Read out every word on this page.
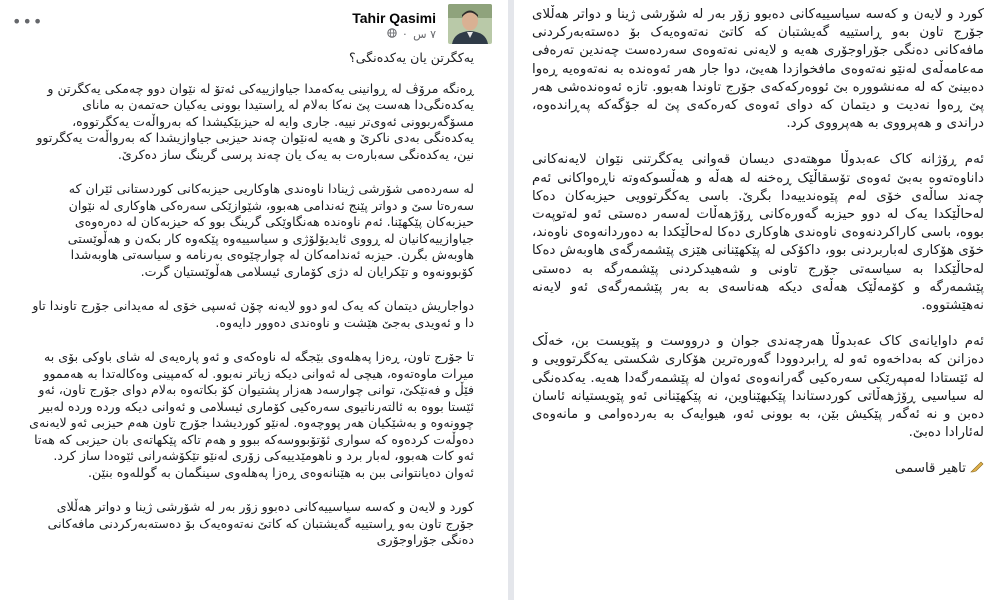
•••	Tahir Qasimi
٧ س ·

یەکگرتن یان یەکدەنگی؟

ڕەنگە مرۆڤ لە ڕوانینی یەکەمدا جیاوازییەکی ئەتۆ لە نێوان دوو چەمکی یەکگرتن و یەکدەنگی‌دا هەست پێ نەکا بەلام لە ڕاستیدا بوونی یەکیان حەتمەن بە مانای مسۆگەربوونی ئەوی‌تر نییە. جاری وایە لە حیزبێکیشدا کە بەرواڵەت یەکگرتووە، یەکدەنگی بەدی ناکرێ و هەیە لەنێوان چەند حیزبی جیاوازیشدا کە بەرواڵەت یەکگرتوو نین، یەکدەنگی سەبارەت بە یەک یان چەند پرسی گرینگ ساز دەکرێ.

لە سەردەمی شۆرشی ژینادا ناوەندی هاوکاریی حیزبەکانی کوردستانی ئێران کە سەرەتا سێ و دواتر پێنج ئەندامی هەبوو، شێوازێکی سەرەکی هاوکاری لە نێوان حیزبەکان پێکهێنا. ئەم ناوەندە هەنگاوێکی گرینگ بوو کە حیزبەکان لە دەرەوەی جیاوازییەکانیان لە ڕووی ئایدیۆلۆژی و سیاسییەوە پێکەوە کار بکەن و هەڵوێستی هاوبەش بگرن. حیزبە ئەندامەکان لە چوارچێوەی بەرنامە و سیاسەتی هاوبەشدا کۆبوونەوە و تێکرایان لە دژی کۆماری ئیسلامی هەڵوێستیان گرت.

دواجاریش دیتمان کە یەک لەو دوو لایەنە چۆن ئەسپی خۆی لە مەیدانی جۆرج تاوندا تاو دا و ئەویدی بەجێ هێشت و ناوەندی دەوور دایەوە.

تا جۆرج تاون، ڕەزا پەهلەوی بێجگە لە ناوەکەی و ئەو پارەیەی لە شای باوکی بۆی بە میرات ماوەتەوە، هیچی لە ئەوانی دیکە زیاتر نەبوو. لە کەمپینی وەکالەتدا بە هەمموو فێڵ و فەنێکێ، توانی چوارسەد هەزار پشتیوان کۆ بکاتەوە بەلام دوای جۆرج تاون، ئەو ئێستا بووە بە ئالتەرناتیوی سەرەکیی کۆماری ئیسلامی و ئەوانی دیکە وردە وردە لەبیر چوونەوە و بەشێکیان هەر پووچەوە. لەنێو کوردیشدا جۆرج تاون هەم حیزبی ئەو لایەنەی دەوڵەت کردەوە کە سواری ئۆتۆبووسەکە ببوو و هەم تاکە پێکهاتەی بان حیزبی کە هەتا ئەو کات هەبوو، لەبار برد و ناهومێدییەکی زۆری لەنێو تێکۆشەرانی ئێوەدا ساز کرد. ئەوان دەیانتوانی ببن بە هێنانەوەی ڕەزا پەهلەوی سینگمان بە گوللەوە بنێن.

کورد و لایەن و کەسە سیاسییەکانی دەبوو زۆر بەر لە شۆرشی ژینا و دواتر هەڵلای جۆرج تاون بەو ڕاستییە گەیشتبان کە کاتێ نەتەوەیەک بۆ دەستەبەرکردنی مافەکانی دەنگی جۆراوجۆری

کورد و لایەن و کەسە سیاسییەکانی دەبوو زۆر بەر لە شۆرشی ژینا و دواتر هەڵلای جۆرج تاون بەو ڕاستییە گەیشتبان کە کاتێ نەتەوەیەک بۆ دەستەبەرکردنی مافەکانی دەنگی جۆراوجۆری هەیە و لایەنی نەتەوەی سەردەست چەندین تەرەفی مەعامەڵەی لەنێو نەتەوەی مافخوازدا هەیێ، دوا جار هەر ئەوەندە بە نەتەوەیە ڕەوا دەبینێ کە لە مەنشوورە بێ ئووەرکەکەی جۆرج تاوندا هەبوو. تازە ئەوەندەشی هەر پێ ڕەوا نەدیت و دیتمان کە دوای ئەوەی کەرەکەی پێ لە جۆگەکە پەڕاندەوە، دراندی و هەپرووی بە هەپرووی کرد.

ئەم ڕۆژانە کاک عەبدوڵا موهتەدی دیسان قەوانی یەکگرتنی نێوان لایەنەکانی داناوەتەوە بەبێ ئەوەی تۆسقاڵێک ڕەخنە لە هەڵە و هەڵسوکەوتە ناڕەواکانی ئەم چەند ساڵەی خۆی لەم پێوەندییەدا بگرێ. باسی یەکگرتوویی حیزبەکان دەکا لەحاڵێکدا یەک لە دوو حیزبە گەورەکانی ڕۆژهەڵات لەسەر دەستی ئەو لەتوپەت بووە، باسی کاراکردنەوەی ناوەندی هاوکاری دەکا لەحاڵێکدا بە دەوردانەوەی ناوەند، خۆی هۆکاری لەباربردنی بوو، داکۆکی لە پێکهێنانی هێزی پێشمەرگەی هاوبەش دەکا لەحاڵێکدا بە سیاسەتی جۆرج تاونی و شەهیدکردنی پێشمەرگە بە دەستی پێشمەرگە و کۆمەڵێک هەڵەی دیکە هەناسەی بە بەر پێشمەرگەی ئەو لایەنە نەهێشتووە.

ئەم داوایانەی کاک عەبدوڵا هەرچەندی جوان و درووست و پێویست بن، خەڵک دەزانن کە بەداخەوە ئەو لە ڕابردوودا گەورەترین هۆکاری شکستی یەکگرتوویی و لە ئێستادا لەمپەرێکی سەرەکیی گەرانەوەی ئەوان لە پێشمەرگەدا هەیە. یەکدەنگی لە سیاسیی ڕۆژهەڵاتی کوردستاندا پێکبهێناوین، نە پێکهێنانی ئەو پێویستیانە ئاسان دەبن و نە ئەگەر پێکیش بێن، بە بوونی ئەو، هیوایەک بە بەردەوامی و مانەوەی لەئارادا دەبێ.

تاهیر قاسمی
